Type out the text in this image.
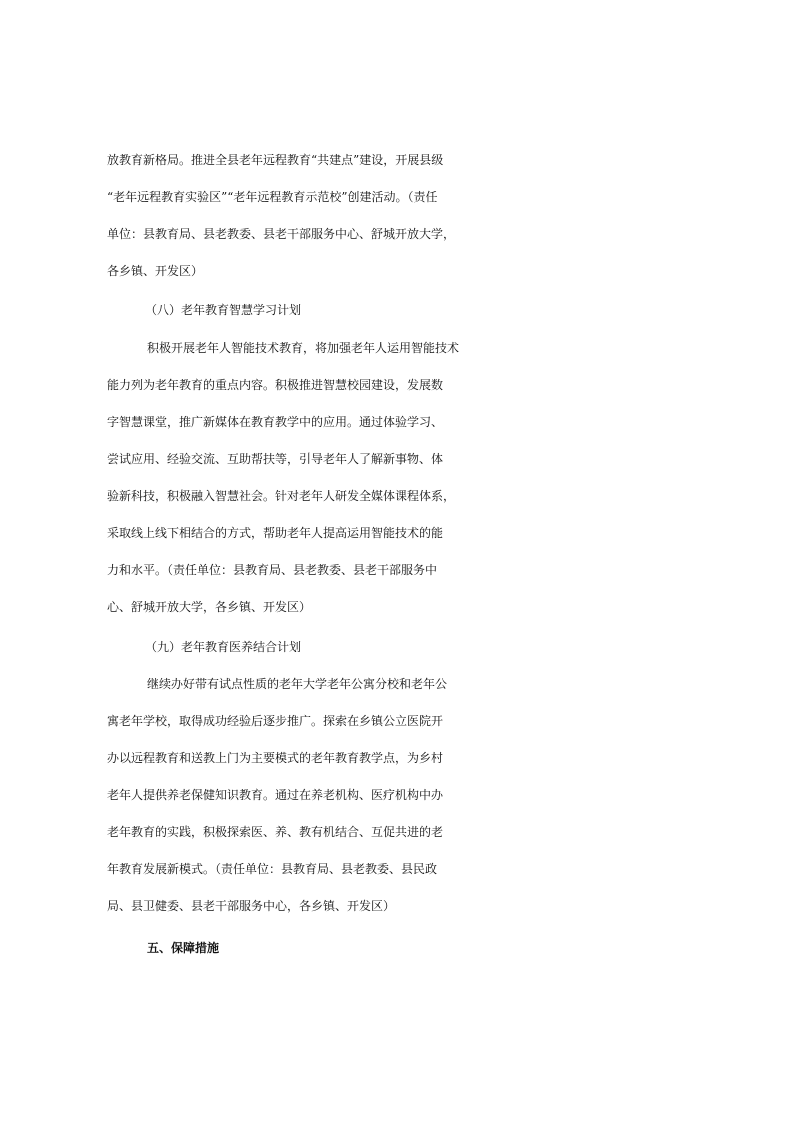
放教育新格局。推进全县老年远程教育“共建点”建设，开展县级
“老年远程教育实验区”“老年远程教育示范校”创建活动。（责任
单位：县教育局、县老教委、县老干部服务中心、舒城开放大学，
各乡镇、开发区）
（八）老年教育智慧学习计划
积极开展老年人智能技术教育，将加强老年人运用智能技术
能力列为老年教育的重点内容。积极推进智慧校园建设，发展数
字智慧课堂，推广新媒体在教育教学中的应用。通过体验学习、
尝试应用、经验交流、互助帮扶等，引导老年人了解新事物、体
验新科技，积极融入智慧社会。针对老年人研发全媒体课程体系，
采取线上线下相结合的方式，帮助老年人提高运用智能技术的能
力和水平。（责任单位：县教育局、县老教委、县老干部服务中
心、舒城开放大学，各乡镇、开发区）
（九）老年教育医养结合计划
继续办好带有试点性质的老年大学老年公寓分校和老年公
寓老年学校，取得成功经验后逐步推广。探索在乡镇公立医院开
办以远程教育和送教上门为主要模式的老年教育教学点，为乡村
老年人提供养老保健知识教育。通过在养老机构、医疗机构中办
老年教育的实践，积极探索医、养、教有机结合、互促共进的老
年教育发展新模式。（责任单位：县教育局、县老教委、县民政
局、县卫健委、县老干部服务中心，各乡镇、开发区）
五、保障措施
